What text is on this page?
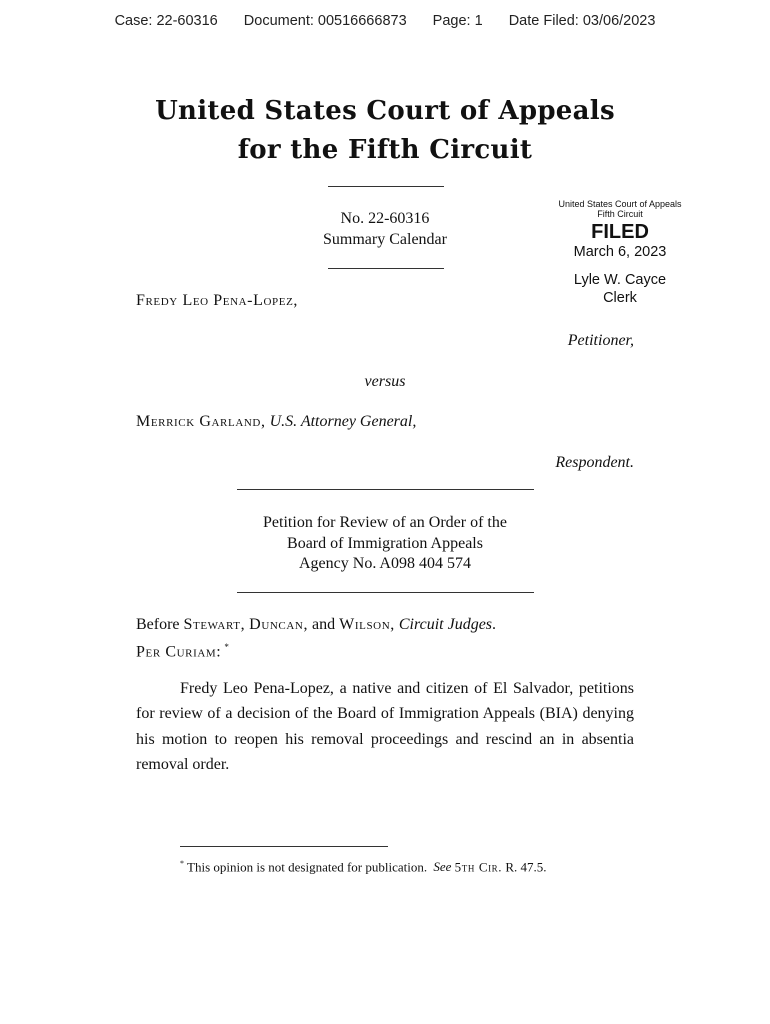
Case: 22-60316 Document: 00516666873 Page: 1 Date Filed: 03/06/2023
United States Court of Appeals
for the Fifth Circuit
No. 22-60316
Summary Calendar
United States Court of Appeals
Fifth Circuit
FILED
March 6, 2023
Lyle W. Cayce
Clerk
Fredy Leo Pena-Lopez,
Petitioner,
versus
Merrick Garland, U.S. Attorney General,
Respondent.
Petition for Review of an Order of the
Board of Immigration Appeals
Agency No. A098 404 574
Before Stewart, Duncan, and Wilson, Circuit Judges.
Per Curiam: *
Fredy Leo Pena-Lopez, a native and citizen of El Salvador, petitions
for review of a decision of the Board of Immigration Appeals (BIA) denying
his motion to reopen his removal proceedings and rescind an in absentia
removal order.
* This opinion is not designated for publication. See 5th Cir. R. 47.5.
